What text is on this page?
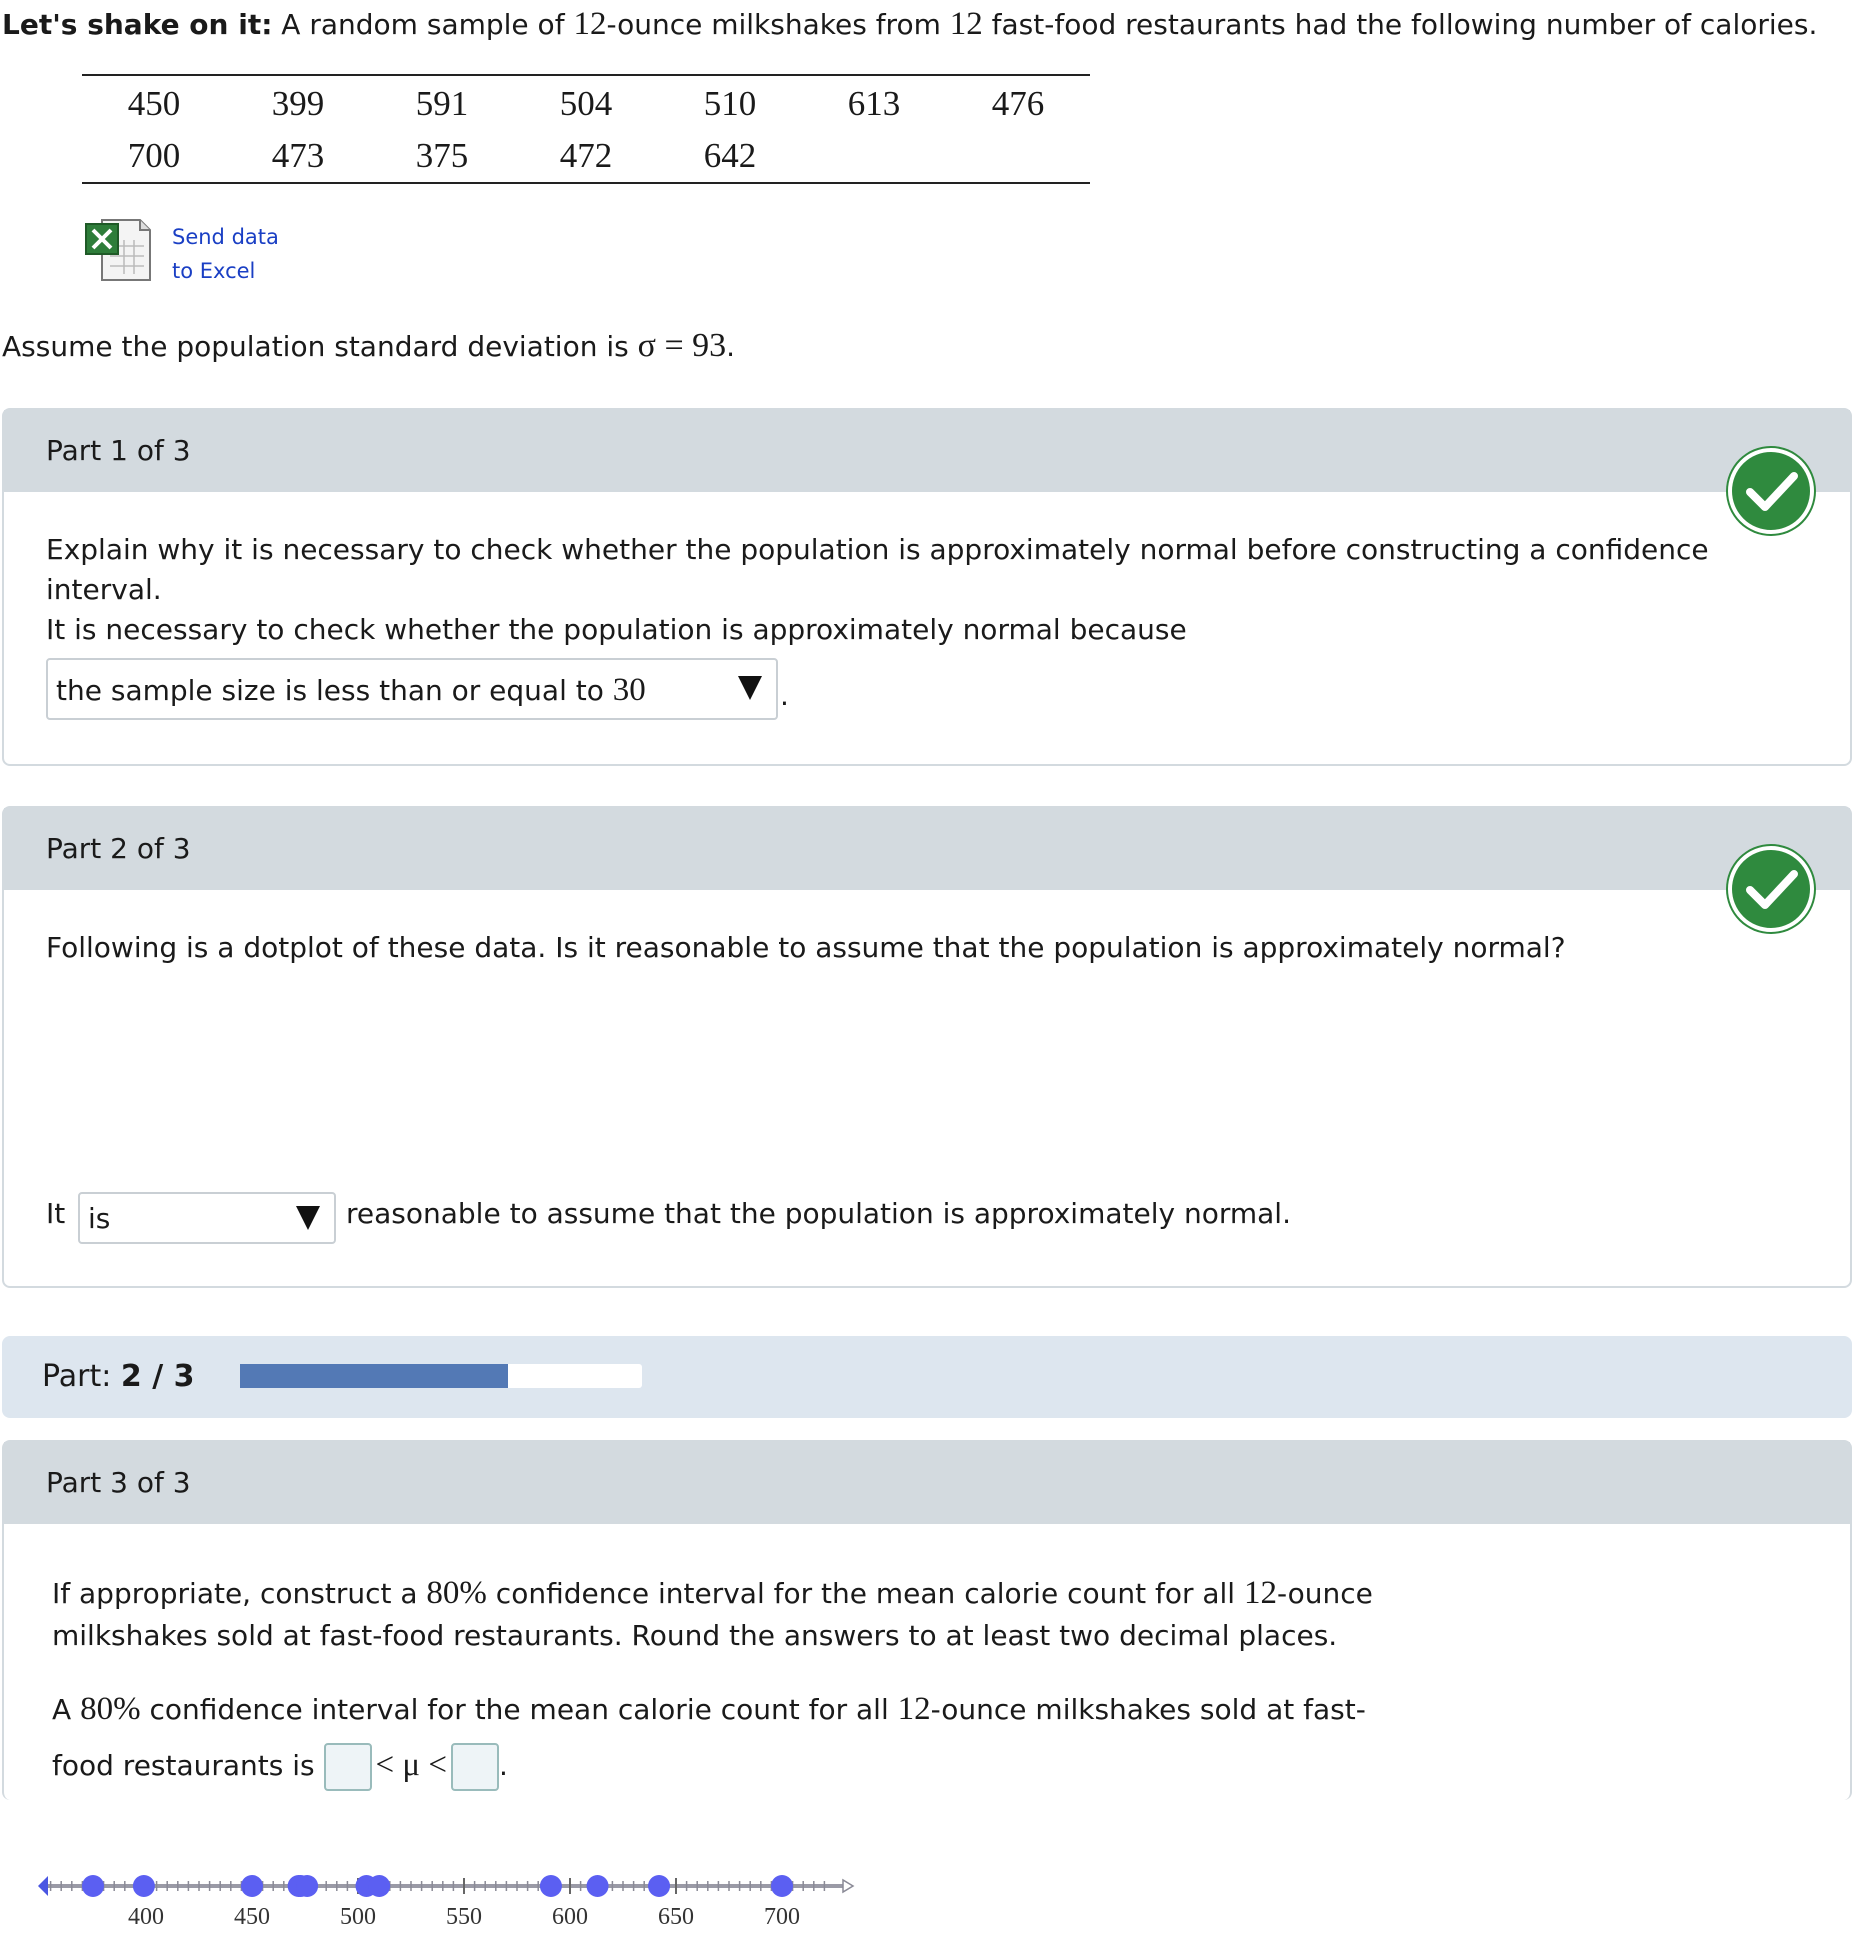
Let's shake on it: A random sample of 12-ounce milkshakes from 12 fast-food restaurants had the following number of calories.
450	399	591	504	510	613	476
700	473	375	472	642
Send data
to Excel
Assume the population standard deviation is σ = 93.
Part 1 of 3
Explain why it is necessary to check whether the population is approximately normal before constructing a confidence
interval.
It is necessary to check whether the population is approximately normal because
the sample size is less than or equal to 30	.
Part 2 of 3
Following is a dotplot of these data. Is it reasonable to assume that the population is approximately normal?
400	450	500	550	600	650	700
It is	reasonable to assume that the population is approximately normal.
Part: 2 / 3
Part 3 of 3
If appropriate, construct a 80% confidence interval for the mean calorie count for all 12-ounce
milkshakes sold at fast-food restaurants. Round the answers to at least two decimal places.
A 80% confidence interval for the mean calorie count for all 12-ounce milkshakes sold at fast-
food restaurants is < μ < .
